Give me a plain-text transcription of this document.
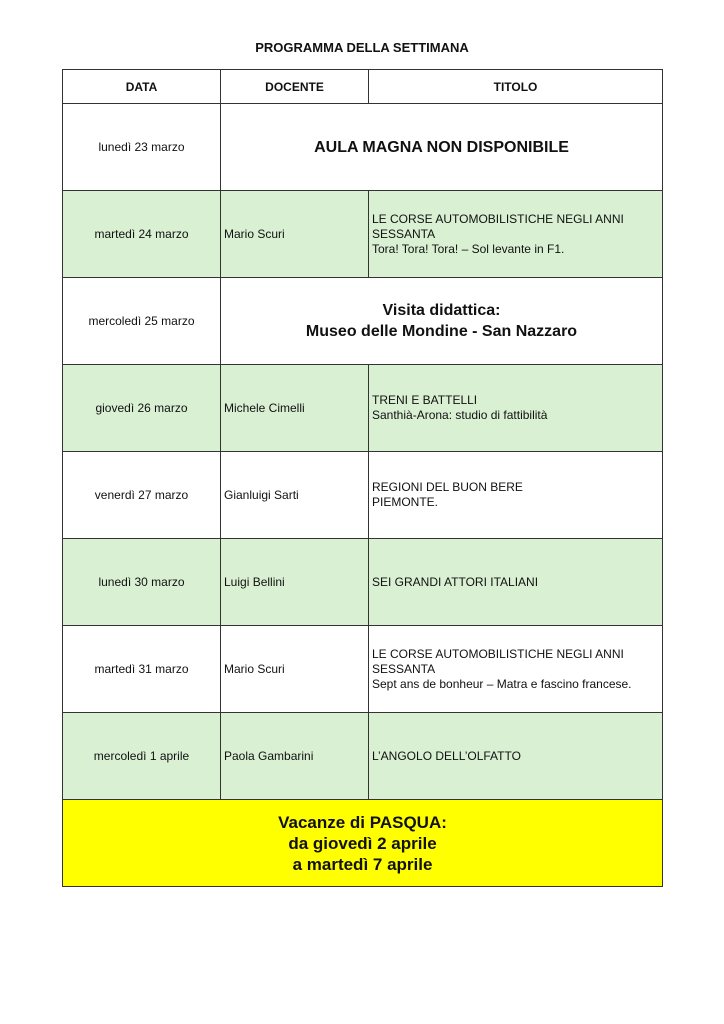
PROGRAMMA DELLA SETTIMANA
DATA	DOCENTE	TITOLO
lunedì 23 marzo	AULA MAGNA NON DISPONIBILE	

martedì 24 marzo	Mario Scuri	LE CORSE AUTOMOBILISTICHE NEGLI ANNI SESSANTA
Tora! Tora! Tora! – Sol levante in F1.

mercoledì 25 marzo	Visita didattica:
Museo delle Mondine - San Nazzaro	

giovedì 26 marzo	Michele Cimelli	TRENI E BATTELLI
Santhià-Arona: studio di fattibilità

venerdì 27 marzo	Gianluigi Sarti	REGIONI DEL BUON BERE
PIEMONTE.

lunedì 30 marzo	Luigi Bellini	SEI GRANDI ATTORI ITALIANI

martedì 31 marzo	Mario Scuri	LE CORSE AUTOMOBILISTICHE NEGLI ANNI SESSANTA
Sept ans de bonheur – Matra e fascino francese.

mercoledì 1 aprile	Paola Gambarini	L’ANGOLO DELL’OLFATTO

Vacanze di PASQUA:
da giovedì 2 aprile
a martedì 7 aprile		
